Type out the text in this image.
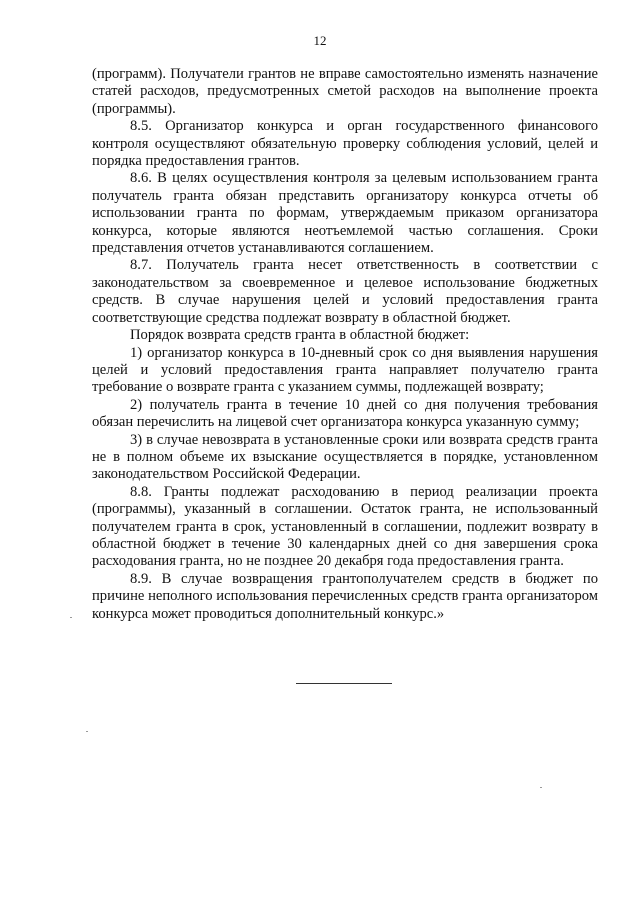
12

(программ). Получатели грантов не вправе самостоятельно изменять назначение статей расходов, предусмотренных сметой расходов на выполнение проекта (программы).

8.5. Организатор конкурса и орган государственного финансового контроля осуществляют обязательную проверку соблюдения условий, целей и порядка предоставления грантов.

8.6. В целях осуществления контроля за целевым использованием гранта получатель гранта обязан представить организатору конкурса отчеты об использовании гранта по формам, утверждаемым приказом организатора конкурса, которые являются неотъемлемой частью соглашения. Сроки представления отчетов устанавливаются соглашением.

8.7. Получатель гранта несет ответственность в соответствии с законодательством за своевременное и целевое использование бюджетных средств. В случае нарушения целей и условий предоставления гранта соответствующие средства подлежат возврату в областной бюджет.

Порядок возврата средств гранта в областной бюджет:

1) организатор конкурса в 10-дневный срок со дня выявления нарушения целей и условий предоставления гранта направляет получателю гранта требование о возврате гранта с указанием суммы, подлежащей возврату;

2) получатель гранта в течение 10 дней со дня получения требования обязан перечислить на лицевой счет организатора конкурса указанную сумму;

3) в случае невозврата в установленные сроки или возврата средств гранта не в полном объеме их взыскание осуществляется в порядке, установленном законодательством Российской Федерации.

8.8. Гранты подлежат расходованию в период реализации проекта (программы), указанный в соглашении. Остаток гранта, не использованный получателем гранта в срок, установленный в соглашении, подлежит возврату в областной бюджет в течение 30 календарных дней со дня завершения срока расходования гранта, но не позднее 20 декабря года предоставления гранта.

8.9. В случае возвращения грантополучателем средств в бюджет по причине неполного использования перечисленных средств гранта организатором конкурса может проводиться дополнительный конкурс.»
